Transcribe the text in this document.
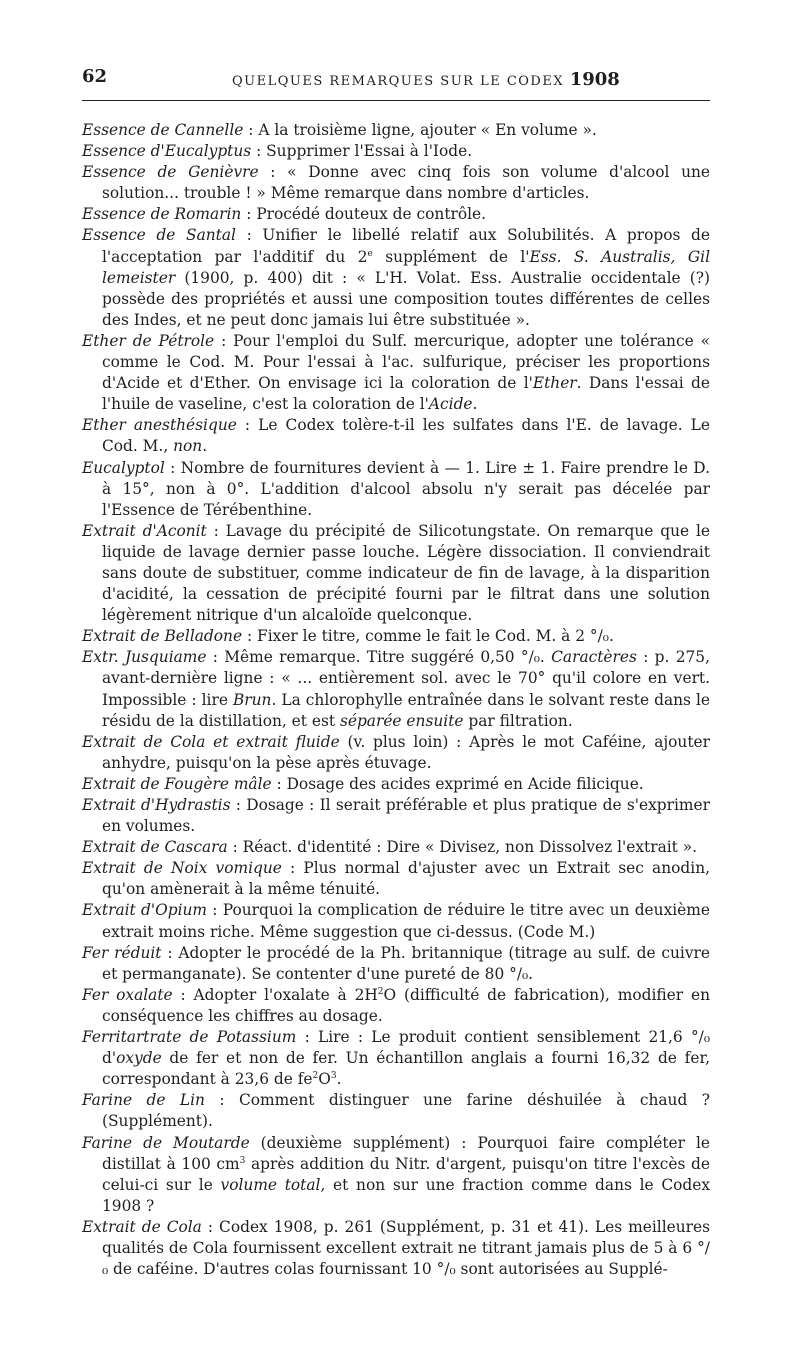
62	QUELQUES REMARQUES SUR LE CODEX 1908

Essence de Cannelle : A la troisième ligne, ajouter « En volume ».

Essence d'Eucalyptus : Supprimer l'Essai à l'Iode.

Essence de Genièvre : « Donne avec cinq fois son volume d'alcool une solution... trouble ! » Même remarque dans nombre d'articles.

Essence de Romarin : Procédé douteux de contrôle.

Essence de Santal : Unifier le libellé relatif aux Solubilités. A propos de l'acceptation par l'additif du 2e supplément de l'Ess. S. Australis, Gil lemeister (1900, p. 400) dit : « L'H. Volat. Ess. Australie occidentale (?) possède des propriétés et aussi une composition toutes différentes de celles des Indes, et ne peut donc jamais lui être substituée ».

Ether de Pétrole : Pour l'emploi du Sulf. mercurique, adopter une tolérance « comme le Cod. M. Pour l'essai à l'ac. sulfurique, préciser les proportions d'Acide et d'Ether. On envisage ici la coloration de l'Ether. Dans l'essai de l'huile de vaseline, c'est la coloration de l'Acide.

Ether anesthésique : Le Codex tolère-t-il les sulfates dans l'E. de lavage. Le Cod. M., non.

Eucalyptol : Nombre de fournitures devient à — 1. Lire ± 1. Faire prendre le D. à 15°, non à 0°. L'addition d'alcool absolu n'y serait pas décelée par l'Essence de Térébenthine.

Extrait d'Aconit : Lavage du précipité de Silicotungstate. On remarque que le liquide de lavage dernier passe louche. Légère dissociation. Il conviendrait sans doute de substituer, comme indicateur de fin de lavage, à la disparition d'acidité, la cessation de précipité fourni par le filtrat dans une solution légèrement nitrique d'un alcaloïde quelconque.

Extrait de Belladone : Fixer le titre, comme le fait le Cod. M. à 2 °/₀.

Extr. Jusquiame : Même remarque. Titre suggéré 0,50 °/₀. Caractères : p. 275, avant-dernière ligne : « ... entièrement sol. avec le 70° qu'il colore en vert. Impossible : lire Brun. La chlorophylle entraînée dans le solvant reste dans le résidu de la distillation, et est séparée ensuite par filtration.

Extrait de Cola et extrait fluide (v. plus loin) : Après le mot Caféine, ajouter anhydre, puisqu'on la pèse après étuvage.

Extrait de Fougère mâle : Dosage des acides exprimé en Acide filicique.

Extrait d'Hydrastis : Dosage : Il serait préférable et plus pratique de s'exprimer en volumes.

Extrait de Cascara : Réact. d'identité : Dire « Divisez, non Dissolvez l'extrait ».

Extrait de Noix vomique : Plus normal d'ajuster avec un Extrait sec anodin, qu'on amènerait à la même ténuité.

Extrait d'Opium : Pourquoi la complication de réduire le titre avec un deuxième extrait moins riche. Même suggestion que ci-dessus. (Code M.)

Fer réduit : Adopter le procédé de la Ph. britannique (titrage au sulf. de cuivre et permanganate). Se contenter d'une pureté de 80 °/₀.

Fer oxalate : Adopter l'oxalate à $2H^2O$ (difficulté de fabrication), modifier en conséquence les chiffres au dosage.

Ferritartrate de Potassium : Lire : Le produit contient sensiblement 21,6 °/₀ d'oxyde de fer et non de fer. Un échantillon anglais a fourni 16,32 de fer, correspondant à 23,6 de $fe^2O^3$.

Farine de Lin : Comment distinguer une farine déshuilée à chaud ? (Supplément).

Farine de Moutarde (deuxième supplément) : Pourquoi faire compléter le distillat à 100 $cm^3$ après addition du Nitr. d'argent, puisqu'on titre l'excès de celui-ci sur le volume total, et non sur une fraction comme dans le Codex 1908 ?

Extrait de Cola : Codex 1908, p. 261 (Supplément, p. 31 et 41). Les meilleures qualités de Cola fournissent excellent extrait ne titrant jamais plus de 5 à 6 °/₀ de caféine. D'autres colas fournissant 10 °/₀ sont autorisées au Supplé-
